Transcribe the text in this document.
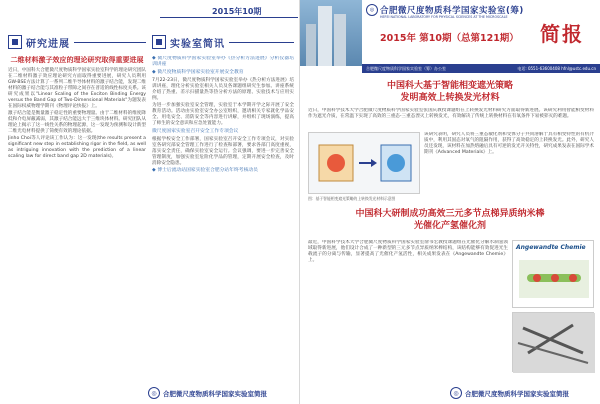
2015年10期
研究进展
二维材料激子效应的理论研究取得重要进展

近日，中国科大合肥微尺度物质科学国家实验室科学的理论研究团队在二维材料激子效应理论研究方面取得重要进展，研究人员利用GW-BSE方法计算了一系列二维半导体材料的激子结合能，发现二维材料的激子结合能与其准粒子带隙之间存在普适的线性标度关系。该研究成果以"Linear Scaling of the Exciton Binding Energy versus the Band Gap of Two-Dimensional Materials"为题发表在国际权威物理学期刊《物理评论快报》上。

激子结合能是衡量激子稳定性的重要物理量。由于二维材料的维度降低和介电屏蔽减弱，其激子结合能远大于三维块体材料。研究团队从理论上揭示了这一线性关系的物理起源，这一发现为预测和设计新型二维光电材料提供了简便有效的理论依据。

Jinho Choi等人评论该工作认为：这一发现(the results present a significant new step in establishing rigor in the field, as well as intriguing innovation with the prediction of a linear scaling law for direct band gap 2D materials)。

实验室简讯
◆ 微尺度物质科学国家实验室举办《热分析方法进展》分析仪器培训讲座
◆ 微尺度物质科学国家实验室开展安全教育

7月22-23日，微尺度物质科学国家实验室举办《热分析方法进展》培训讲座，理化分析实验室相关人员及各课题组研究生参加。讲座系统介绍了热重、差示扫描量热等热分析方法的原理、实验技术与应用实例。

为进一步加强实验室安全管理，实验室于本学期开学之际开展了安全教育活动。活动由实验室安全办公室组织，邀请相关专家就化学品安全、用电安全、消防安全等内容进行讲解，并组织了现场演练，提高了师生的安全意识和应急处置能力。

微尺度国家实验室召开安全工作专项会议

根据学校安全工作部署，国家实验室召开安全工作专项会议，对实验室各研究部安全管理工作进行了检查和部署，要求各部门高度重视，落实安全责任，确保实验室安全运行。会议强调，要进一步完善安全管理制度，加强实验室危险化学品的管理，定期开展安全检查，及时消除安全隐患。

◆ 博士后流动站国家实验室合肥分站年终考核动员
◎ 合肥微尺度物质科学国家实验室简报
◎ 合肥微尺度物质科学国家实验室(筹)
HEFEI NATIONAL LABORATORY FOR PHYSICAL SCIENCES AT THE MICROSCALE
2015年 第10期（总第121期） 简报
合肥微尺度物质科学国家实验室（筹）办公室	电话: 0551-63600408 hfnl@ustc.edu.cn
中国科大基于智能相变遮光策略
发明高效上转换发光材料

近日，中国科学技术大学合肥微尺度物质科学国家实验室张国庆教授课题组在上转换发光材料研究方面取得新进展。该研究利用智能相变材料作为遮光介质，在常温下实现了高效的三重态-三重态湮灭上转换发光，有效解决了传统上转换材料在有氧条件下易被猝灭的难题。

该研究表明，研究人员将三重态敏化剂和受体分子共同溶解于具有相变特性的有机介质中，利用其固态对氧气的阻隔作用，获得了高效稳定的上转换发光。此外，研究人员还发现，该材料在加热熔融后具有可逆的发光开关特性，研究成果发表在国际学术期刊《Advanced Materials》上。

图：基于智能相变遮光策略的上转换发光材料示意图
中国科大研制成功高效三元多节点梯异质纳米棒
光催化产氢催化剂

最近，中国科学技术大学合肥微尺度物质科学国家实验室俞书宏教授课题组在光催化分解水制氢领域取得新进展，他们设计合成了一种新型的三元多节点异质纳米棒结构，该结构能够有效促进光生载流子的分离与传输，显著提高了光催化产氢活性，相关成果发表在《Angewandte Chemie》上。

Angewandte Chemie
◎ 合肥微尺度物质科学国家实验室简报
